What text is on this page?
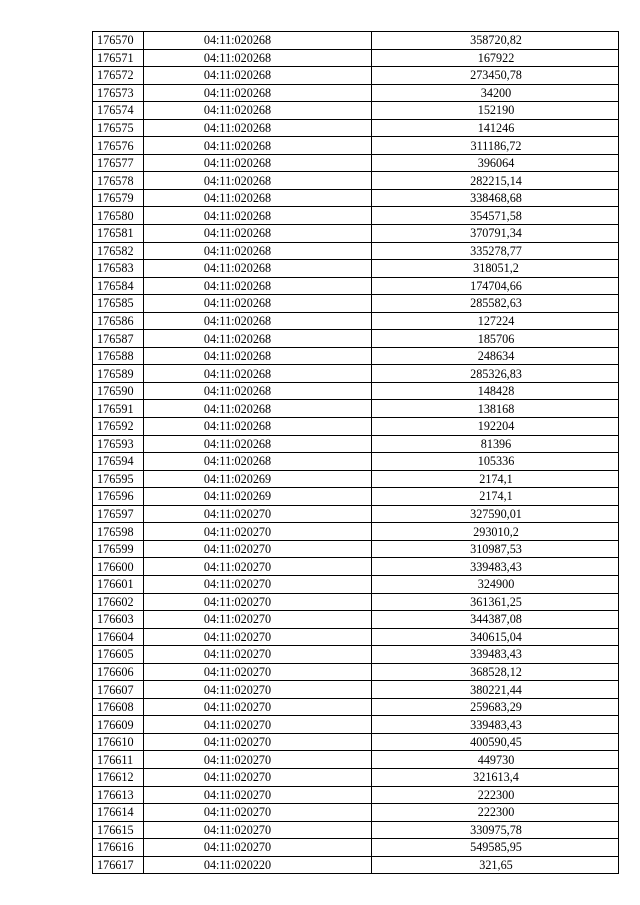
176570	04:11:020268	358720,82
176571	04:11:020268	167922
176572	04:11:020268	273450,78
176573	04:11:020268	34200
176574	04:11:020268	152190
176575	04:11:020268	141246
176576	04:11:020268	311186,72
176577	04:11:020268	396064
176578	04:11:020268	282215,14
176579	04:11:020268	338468,68
176580	04:11:020268	354571,58
176581	04:11:020268	370791,34
176582	04:11:020268	335278,77
176583	04:11:020268	318051,2
176584	04:11:020268	174704,66
176585	04:11:020268	285582,63
176586	04:11:020268	127224
176587	04:11:020268	185706
176588	04:11:020268	248634
176589	04:11:020268	285326,83
176590	04:11:020268	148428
176591	04:11:020268	138168
176592	04:11:020268	192204
176593	04:11:020268	81396
176594	04:11:020268	105336
176595	04:11:020269	2174,1
176596	04:11:020269	2174,1
176597	04:11:020270	327590,01
176598	04:11:020270	293010,2
176599	04:11:020270	310987,53
176600	04:11:020270	339483,43
176601	04:11:020270	324900
176602	04:11:020270	361361,25
176603	04:11:020270	344387,08
176604	04:11:020270	340615,04
176605	04:11:020270	339483,43
176606	04:11:020270	368528,12
176607	04:11:020270	380221,44
176608	04:11:020270	259683,29
176609	04:11:020270	339483,43
176610	04:11:020270	400590,45
176611	04:11:020270	449730
176612	04:11:020270	321613,4
176613	04:11:020270	222300
176614	04:11:020270	222300
176615	04:11:020270	330975,78
176616	04:11:020270	549585,95
176617	04:11:020220	321,65
